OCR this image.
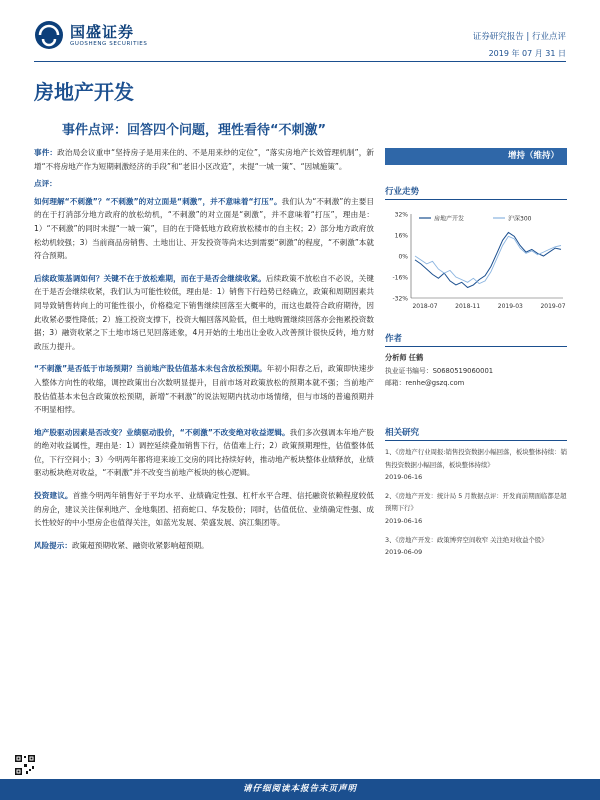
国盛证券
GUOSHENG SECURITIES
证券研究报告 | 行业点评
2019 年 07 月 31 日
房地产开发
事件点评：回答四个问题，理性看待“不刺激”
事件：政治局会议重申“坚持房子是用来住的、不是用来炒的定位”，“落实房地产长效管理机制”，新增“不将房地产作为短期刺激经济的手段”和“老旧小区改造”，未提“一城一策”、“因城施策”。
点评：
如何理解“不刺激”？“不刺激”的对立面是“刺激”，并不意味着“打压”。我们认为“不刺激”的主要目的在于打消部分地方政府的放松幼机，“不刺激”的对立面是“刺激”，并不意味着“打压”，理由是：1）“不刺激”的同时未提“一城一策”，目的在于降低地方政府放松楼市的自主权；2）部分地方政府放松幼机较强；3）当前商品房销售、土地出让、开发投资等尚未达到需要“刺激”的程度，“不刺激”本就符合预期。
后续政策基调如何？关键不在于放松难期，而在于是否会继续收紧。后续政策不放松自不必说，关键在于是否会继续收紧，我们认为可能性较低，理由是：1）销售下行趋势已经确立，政策和周期因素共同导致销售转向上的可能性很小，价格稳定下销售继续回落至大概率的，而这也最符合政府期待，因此收紧必要性降低；2）施工投资支撑下，投资大幅回落风险低，但土地购置继续回落亦会拖累投资数据；3）融资收紧之下土地市场已见回落迹象，4月开始的土地出让金收入改善预计很快反转，地方财政压力提升。
“不刺激”是否低于市场预期？当前地产股估值基本未包含放松预期。年初小阳春之后，政策即快速步入整体方向性的收缩，调控政策出台次数明显提升，目前市场对政策放松的预期本就不强；当前地产股估值基本未包含政策放松预期，新增“不刺激”的说法短期内扰动市场情绪，但与市场的普遍预期并不明显相悖。
地产股驱动因素是否改变？业绩驱动股价，“不刺激”不改变绝对收益逻辑。我们多次强调本年地产股的绝对收益属性，理由是：1）调控延续叠加销售下行，估值难上行；2）政策预期理性，估值整体低位，下行空间小；3）今明两年都将迎来竣工交房的同比持续好转，推动地产板块整体业绩释放，业绩驱动板块绝对收益，“不刺激”并不改变当前地产板块的核心逻辑。
投资建议。首推今明两年销售好于平均水平、业绩确定性强、杠杆水平合理、信托融资依赖程度较低的房企，建议关注保利地产、金地集团、招商蛇口、华发股份；同时，估值低位、业绩确定性强、成长性较好的中小型房企也值得关注，如蓝光发展、荣盛发展、滨江集团等。
风险提示：政策超预期收紧、融资收紧影响超预期。
增持（维持）
行业走势
32%
16%
0%
-16%
-32%
2018-07	2018-11	2019-03	2019-07
房地产开发	沪深300
作者
分析师 任鹤
执业证书编号：S0680519060001
邮箱：renhe@gszq.com
相关研究
1、《房地产行业周报:销售投资数据小幅回落，板块整体持续：销售投资数据小幅回落，板块整体持续》
2019-06-16
2、《房地产开发：统计局 5 月数据点评：开发商前期面临都是超预期下行》
2019-06-16
3、《房地产开发：政策博弈空间收窄 关注绝对收益个股》 2019-06-09
请仔细阅读本报告末页声明
